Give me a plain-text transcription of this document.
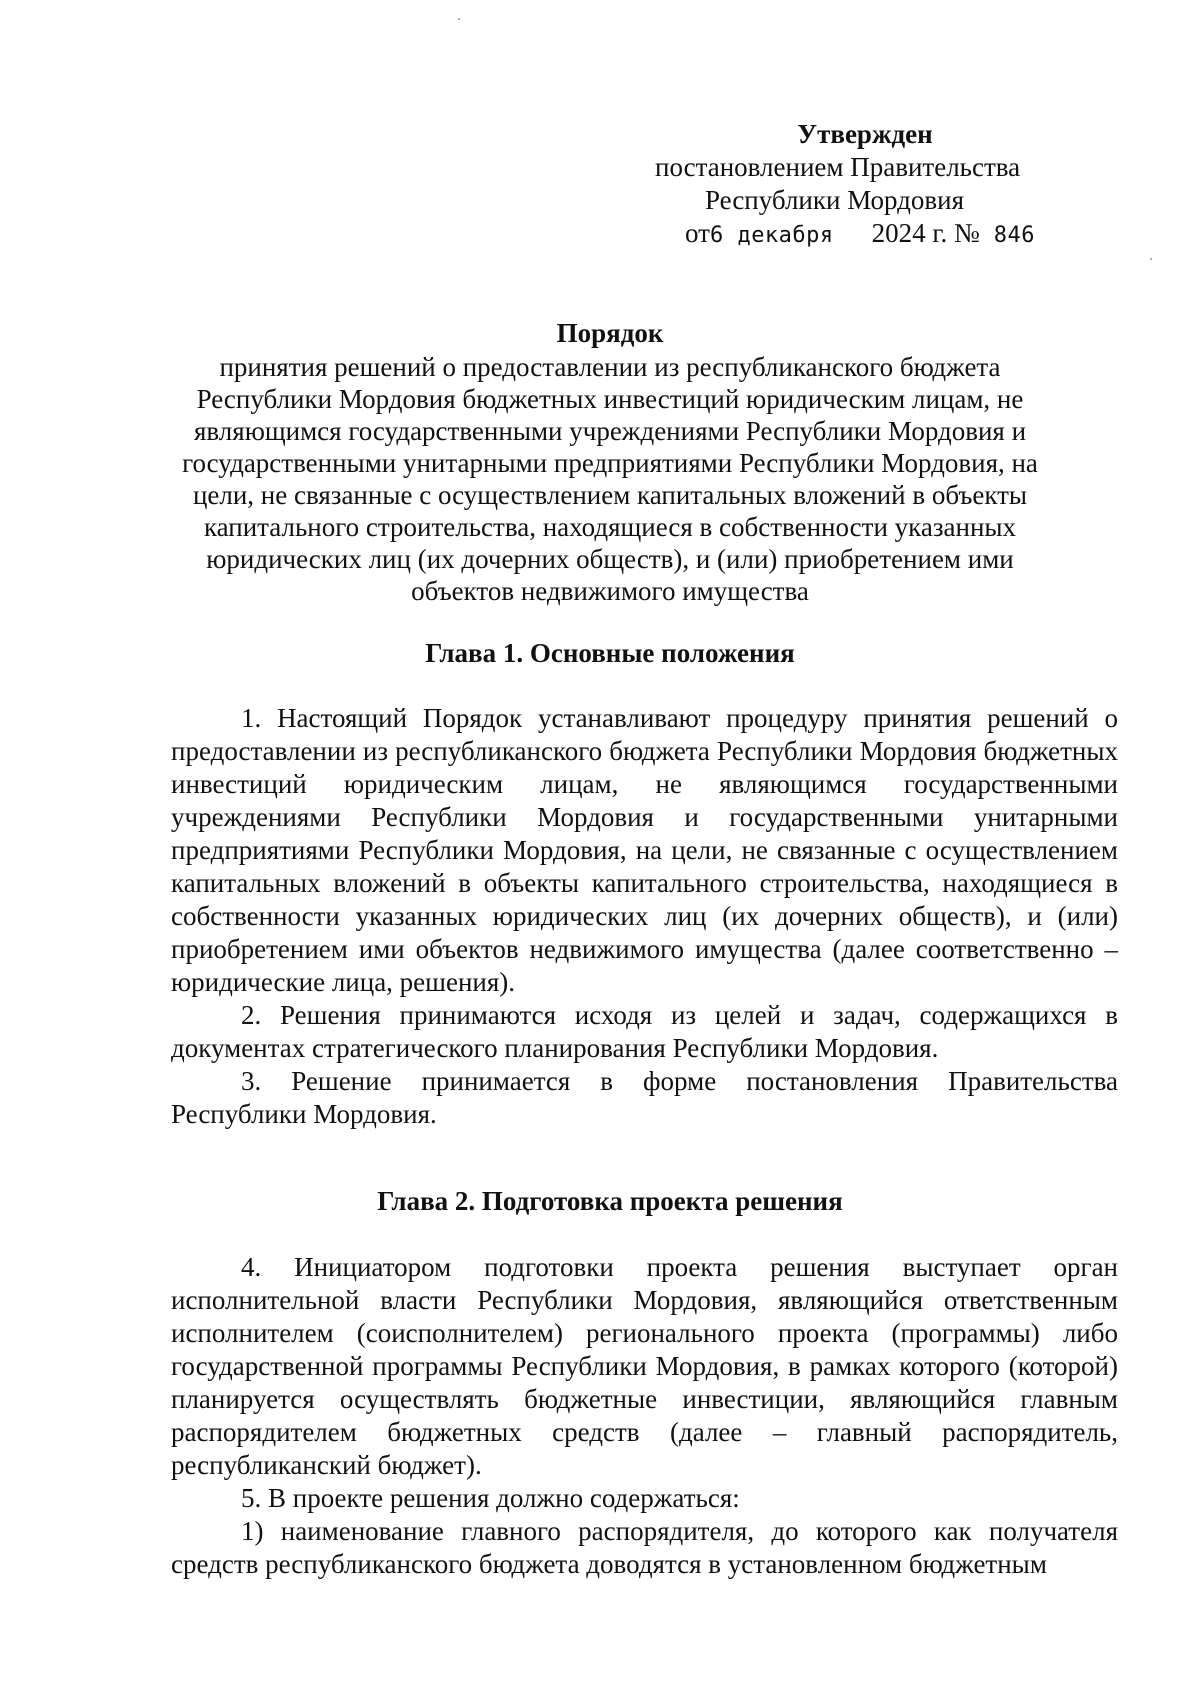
Утвержден
постановлением Правительства
Республики Мордовия
от6 декабря 2024 г. № 846
Порядок
принятия решений о предоставлении из республиканского бюджета
Республики Мордовия бюджетных инвестиций юридическим лицам, не
являющимся государственными учреждениями Республики Мордовия и
государственными унитарными предприятиями Республики Мордовия, на
цели, не связанные с осуществлением капитальных вложений в объекты
капитального строительства, находящиеся в собственности указанных
юридических лиц (их дочерних обществ), и (или) приобретением ими
объектов недвижимого имущества
Глава 1. Основные положения

1. Настоящий Порядок устанавливают процедуру принятия решений о предоставлении из республиканского бюджета Республики Мордовия бюджетных инвестиций юридическим лицам, не являющимся государственными учреждениями Республики Мордовия и государственными унитарными предприятиями Республики Мордовия, на цели, не связанные с осуществлением капитальных вложений в объекты капитального строительства, находящиеся в собственности указанных юридических лиц (их дочерних обществ), и (или) приобретением ими объектов недвижимого имущества (далее соответственно – юридические лица, решения).

2. Решения принимаются исходя из целей и задач, содержащихся в документах стратегического планирования Республики Мордовия.

3. Решение принимается в форме постановления Правительства Республики Мордовия.

Глава 2. Подготовка проекта решения

4. Инициатором подготовки проекта решения выступает орган исполнительной власти Республики Мордовия, являющийся ответственным исполнителем (соисполнителем) регионального проекта (программы) либо государственной программы Республики Мордовия, в рамках которого (которой) планируется осуществлять бюджетные инвестиции, являющийся главным распорядителем бюджетных средств (далее – главный распорядитель, республиканский бюджет).

5. В проекте решения должно содержаться:

1) наименование главного распорядителя, до которого как получателя средств республиканского бюджета доводятся в установленном бюджетным
